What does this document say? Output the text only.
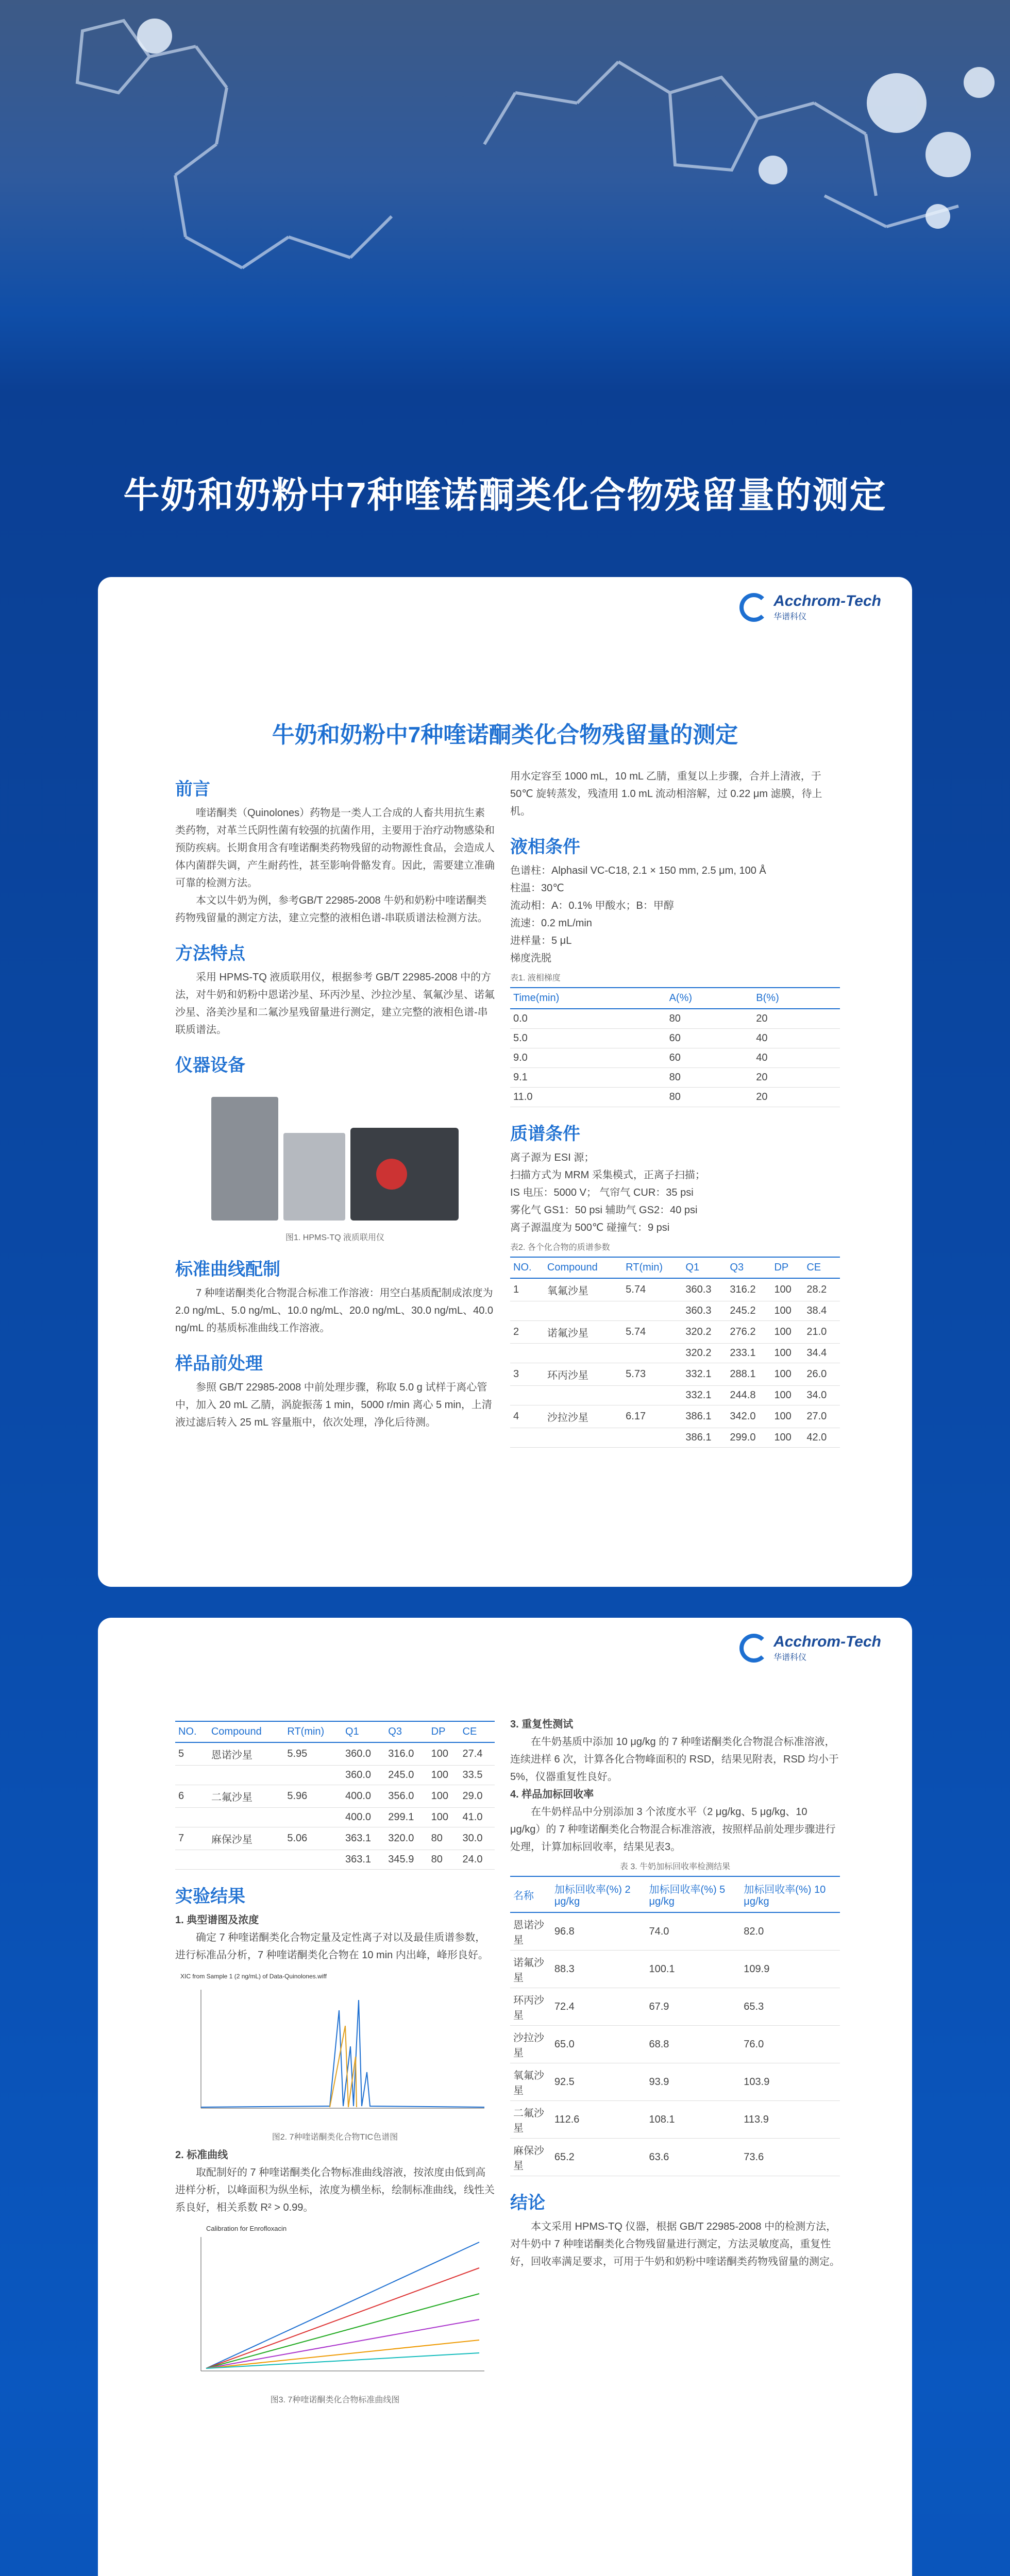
牛奶和奶粉中7种喹诺酮类化合物残留量的测定
Acchrom-Tech
华谱科仪
牛奶和奶粉中7种喹诺酮类化合物残留量的测定
前言
喹诺酮类（Quinolones）药物是一类人工合成的人畜共用抗生素类药物，对革兰氏阴性菌有较强的抗菌作用，主要用于治疗动物感染和预防疾病。长期食用含有喹诺酮类药物残留的动物源性食品，会造成人体内菌群失调，产生耐药性，甚至影响骨骼发育。因此，需要建立准确可靠的检测方法。
本文以牛奶为例，参考GB/T 22985-2008 牛奶和奶粉中喹诺酮类药物残留量的测定方法，建立完整的液相色谱-串联质谱法检测方法。
方法特点
采用 HPMS-TQ 液质联用仪，根据参考 GB/T 22985-2008 中的方法，对牛奶和奶粉中恩诺沙星、环丙沙星、沙拉沙星、氧氟沙星、诺氟沙星、洛美沙星和二氟沙星残留量进行测定，建立完整的液相色谱-串联质谱法。
仪器设备
图1. HPMS-TQ 液质联用仪
标准曲线配制
7 种喹诺酮类化合物混合标准工作溶液：用空白基质配制成浓度为 2.0 ng/mL、5.0 ng/mL、10.0 ng/mL、20.0 ng/mL、30.0 ng/mL、40.0 ng/mL 的基质标准曲线工作溶液。
样品前处理
参照 GB/T 22985-2008 中前处理步骤，称取 5.0 g 试样于离心管中，加入 20 mL 乙腈，涡旋振荡 1 min，5000 r/min 离心 5 min，上清液过滤后转入 25 mL 容量瓶中，依次处理，净化后待测。
用水定容至 1000 mL，10 mL 乙腈，重复以上步骤，合并上清液，于 50℃ 旋转蒸发，残渣用 1.0 mL 流动相溶解，过 0.22 μm 滤膜，待上机。
液相条件
色谱柱：Alphasil VC-C18, 2.1 × 150 mm, 2.5 μm, 100 Å
柱温：30℃
流动相：A：0.1% 甲酸水；B：甲醇
流速：0.2 mL/min
进样量：5 μL
梯度洗脱
表1. 液相梯度
Time(min)	A(%)	B(%)
0.0	80	20
5.0	60	40
9.0	60	40
9.1	80	20
11.0	80	20
质谱条件
离子源为 ESI 源；
扫描方式为 MRM 采集模式，正离子扫描；
IS 电压：5000 V； 气帘气 CUR：35 psi
雾化气 GS1：50 psi 辅助气 GS2：40 psi
离子源温度为 500℃ 碰撞气：9 psi
表2. 各个化合物的质谱参数
NO.	Compound	RT(min)	Q1	Q3	DP	CE
1	氧氟沙星	5.74	360.3	316.2	100	28.2
			360.3	245.2	100	38.4
2	诺氟沙星	5.74	320.2	276.2	100	21.0
			320.2	233.1	100	34.4
3	环丙沙星	5.73	332.1	288.1	100	26.0
			332.1	244.8	100	34.0
4	沙拉沙星	6.17	386.1	342.0	100	27.0
			386.1	299.0	100	42.0
Acchrom-Tech
华谱科仪
NO.	Compound	RT(min)	Q1	Q3	DP	CE
5	恩诺沙星	5.95	360.0	316.0	100	27.4
			360.0	245.0	100	33.5
6	二氟沙星	5.96	400.0	356.0	100	29.0
			400.0	299.1	100	41.0
7	麻保沙星	5.06	363.1	320.0	80	30.0
			363.1	345.9	80	24.0
实验结果
1. 典型谱图及浓度
确定 7 种喹诺酮类化合物定量及定性离子对以及最佳质谱参数，进行标准品分析，7 种喹诺酮类化合物在 10 min 内出峰，峰形良好。
XIC from Sample 1 (2 ng/mL) of Data-Quinolones.wiff
图2. 7种喹诺酮类化合物TIC色谱图
2. 标准曲线
取配制好的 7 种喹诺酮类化合物标准曲线溶液，按浓度由低到高进样分析，以峰面积为纵坐标，浓度为横坐标，绘制标准曲线，线性关系良好，相关系数 R² > 0.99。
Calibration for Enrofloxacin
图3. 7种喹诺酮类化合物标准曲线图
3. 重复性测试
在牛奶基质中添加 10 μg/kg 的 7 种喹诺酮类化合物混合标准溶液，连续进样 6 次，计算各化合物峰面积的 RSD，结果见附表，RSD 均小于 5%，仪器重复性良好。
4. 样品加标回收率
在牛奶样品中分别添加 3 个浓度水平（2 μg/kg、5 μg/kg、10 μg/kg）的 7 种喹诺酮类化合物混合标准溶液，按照样品前处理步骤进行处理，计算加标回收率，结果见表3。
表 3. 牛奶加标回收率检测结果
名称	加标回收率(%) 2 μg/kg	加标回收率(%) 5 μg/kg	加标回收率(%) 10 μg/kg
恩诺沙星	96.8	74.0	82.0
诺氟沙星	88.3	100.1	109.9
环丙沙星	72.4	67.9	65.3
沙拉沙星	65.0	68.8	76.0
氧氟沙星	92.5	93.9	103.9
二氟沙星	112.6	108.1	113.9
麻保沙星	65.2	63.6	73.6
结论
本文采用 HPMS-TQ 仪器，根据 GB/T 22985-2008 中的检测方法，对牛奶中 7 种喹诺酮类化合物残留量进行测定，方法灵敏度高，重复性好，回收率满足要求，可用于牛奶和奶粉中喹诺酮类药物残留量的测定。
